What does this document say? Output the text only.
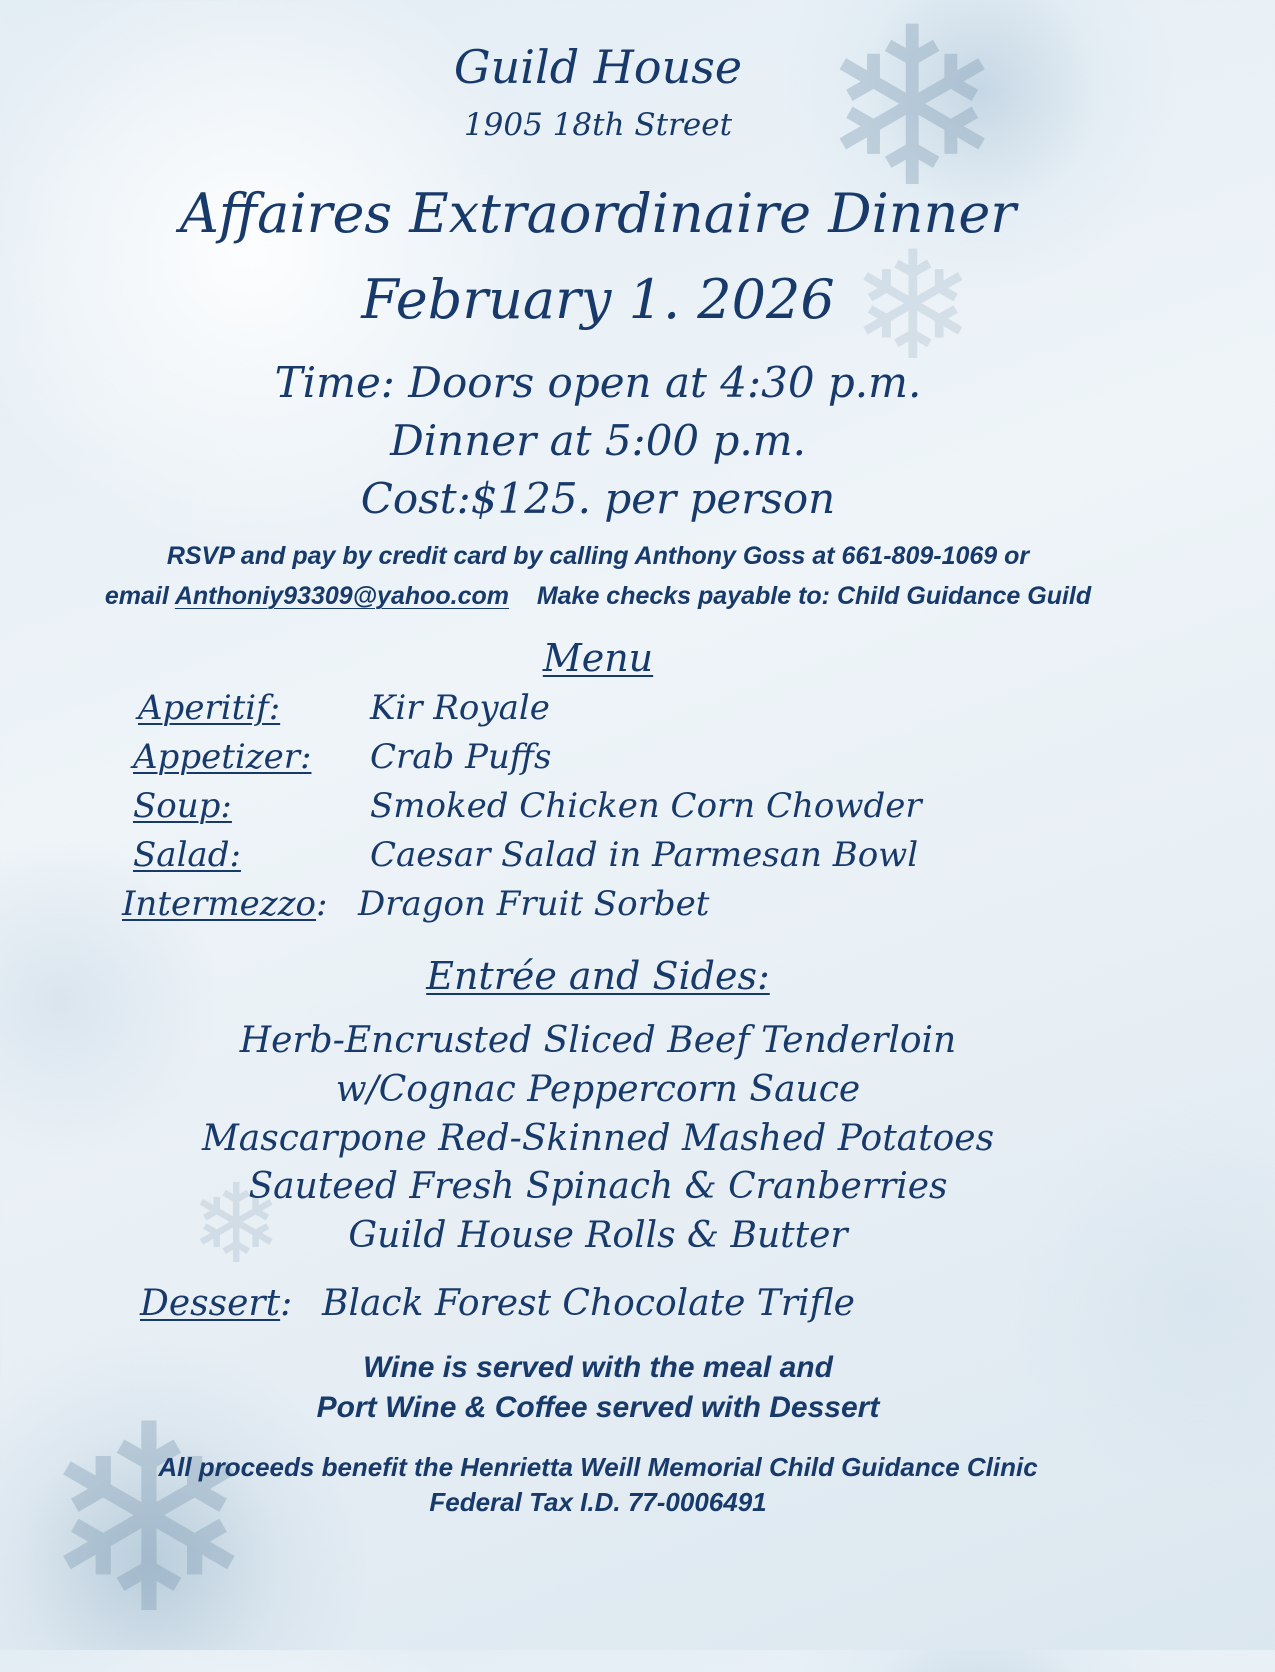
❄
❄
❄
❄
Guild House
1905 18th Street
Affaires Extraordinaire Dinner
February 1. 2026
Time: Doors open at 4:30 p.m.
Dinner at 5:00 p.m.
Cost:$125. per person
RSVP and pay by credit card by calling Anthony Goss at 661-809-1069 or
email Anthoniy93309@yahoo.com Make checks payable to: Child Guidance Guild
Menu
Aperitif:	Kir Royale
Appetizer: Crab Puffs
Soup:	Smoked Chicken Corn Chowder
Salad:	Caesar Salad in Parmesan Bowl
Intermezzo: Dragon Fruit Sorbet
Entrée and Sides:
Herb-Encrusted Sliced Beef Tenderloin
w/Cognac Peppercorn Sauce
Mascarpone Red-Skinned Mashed Potatoes
Sauteed Fresh Spinach & Cranberries
Guild House Rolls & Butter
Dessert: Black Forest Chocolate Trifle
Wine is served with the meal and
Port Wine & Coffee served with Dessert
All proceeds benefit the Henrietta Weill Memorial Child Guidance Clinic
Federal Tax I.D. 77-0006491
